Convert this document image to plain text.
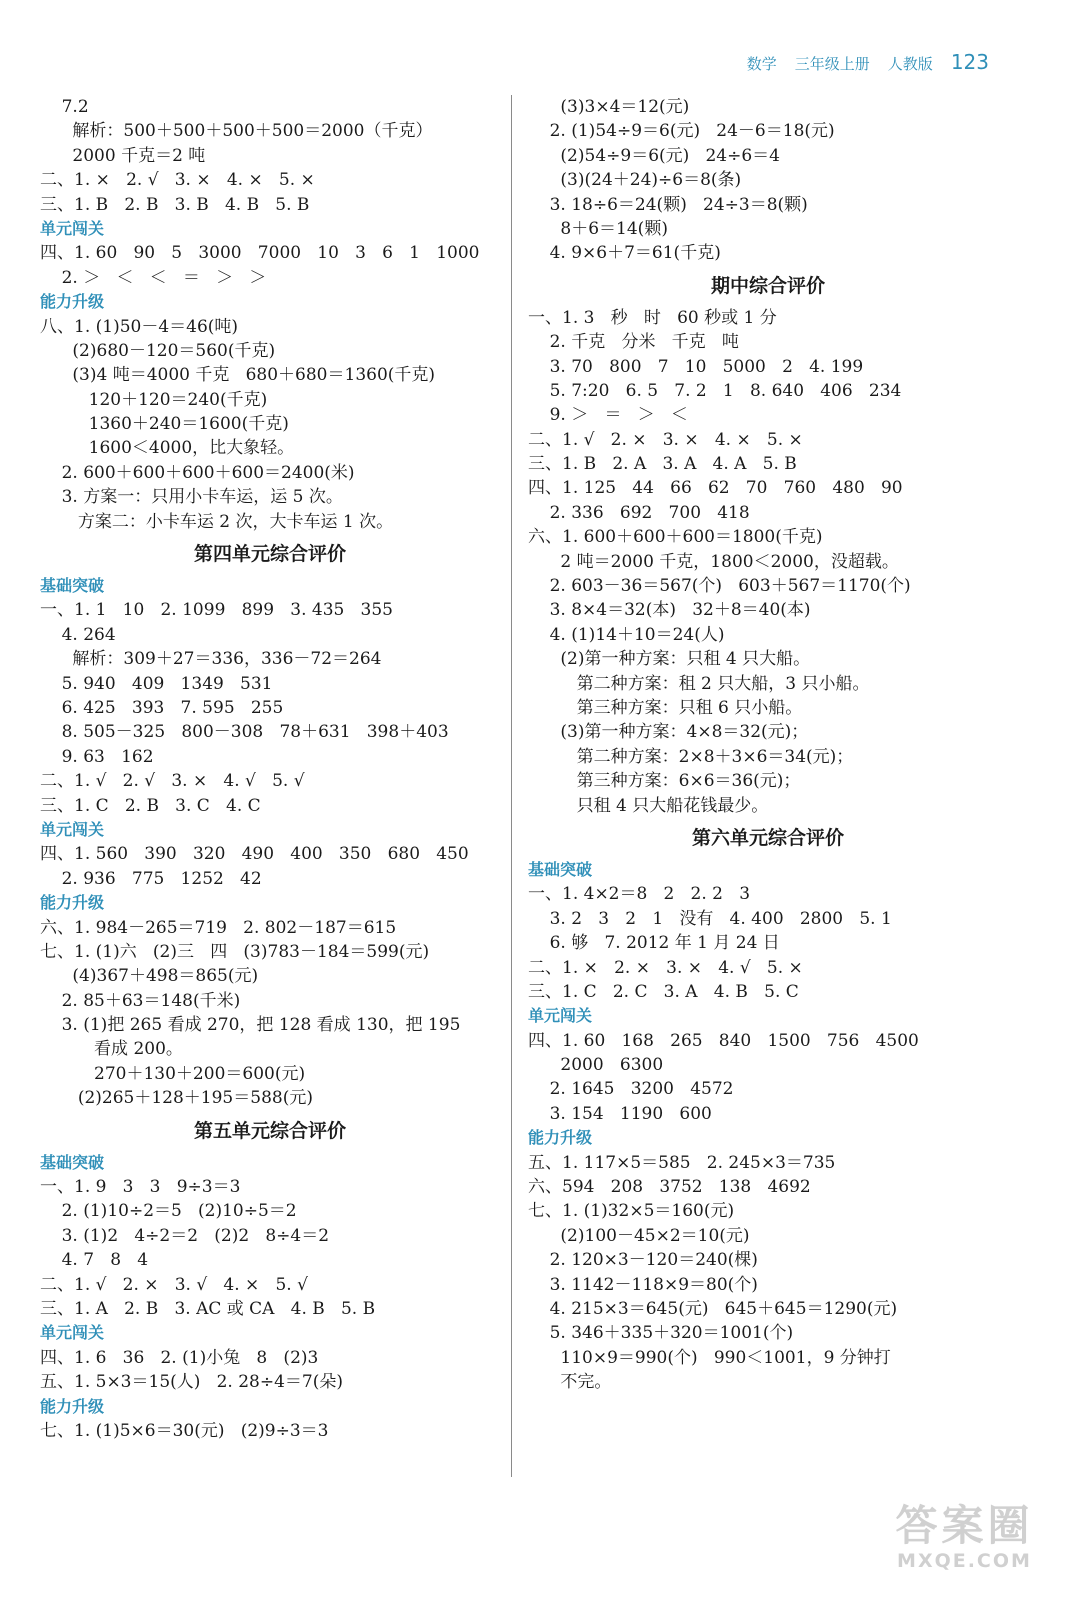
数学 三年级上册 人教版 123
7.2
解析：500＋500＋500＋500＝2000（千克）
2000 千克＝2 吨
二、1. ×   2. √   3. ×   4. ×   5. ×
三、1. B   2. B   3. B   4. B   5. B
单元闯关
四、1. 60   90   5   3000   7000   10   3   6   1   1000
2. ＞   ＜   ＜   ＝   ＞   ＞
能力升级
八、1. (1)50－4＝46(吨)
(2)680－120＝560(千克)
(3)4 吨＝4000 千克   680＋680＝1360(千克)
120＋120＝240(千克)
1360＋240＝1600(千克)
1600＜4000，比大象轻。
2. 600＋600＋600＋600＝2400(米)
3. 方案一：只用小卡车运，运 5 次。
方案二：小卡车运 2 次，大卡车运 1 次。
第四单元综合评价
基础突破
一、1. 1   10   2. 1099   899   3. 435   355
4. 264
解析：309＋27＝336，336－72＝264
5. 940   409   1349   531
6. 425   393   7. 595   255
8. 505－325   800－308   78＋631   398＋403
9. 63   162
二、1. √   2. √   3. ×   4. √   5. √
三、1. C   2. B   3. C   4. C
单元闯关
四、1. 560   390   320   490   400   350   680   450
2. 936   775   1252   42
能力升级
六、1. 984－265＝719   2. 802－187＝615
七、1. (1)六   (2)三   四   (3)783－184＝599(元)
(4)367＋498＝865(元)
2. 85＋63＝148(千米)
3. (1)把 265 看成 270，把 128 看成 130，把 195
看成 200。
270＋130＋200＝600(元)
(2)265＋128＋195＝588(元)
第五单元综合评价
基础突破
一、1. 9   3   3   9÷3＝3
2. (1)10÷2＝5   (2)10÷5＝2
3. (1)2   4÷2＝2   (2)2   8÷4＝2
4. 7   8   4
二、1. √   2. ×   3. √   4. ×   5. √
三、1. A   2. B   3. AC 或 CA   4. B   5. B
单元闯关
四、1. 6   36   2. (1)小兔   8   (2)3
五、1. 5×3＝15(人)   2. 28÷4＝7(朵)
能力升级
七、1. (1)5×6＝30(元)   (2)9÷3＝3
(3)3×4＝12(元)
2. (1)54÷9＝6(元)   24－6＝18(元)
(2)54÷9＝6(元)   24÷6＝4
(3)(24＋24)÷6＝8(条)
3. 18÷6＝24(颗)   24÷3＝8(颗)
8＋6＝14(颗)
4. 9×6＋7＝61(千克)
期中综合评价
一、1. 3   秒   时   60 秒或 1 分
2. 千克   分米   千克   吨
3. 70   800   7   10   5000   2   4. 199
5. 7:20   6. 5   7. 2   1   8. 640   406   234
9. ＞   ＝   ＞   ＜
二、1. √   2. ×   3. ×   4. ×   5. ×
三、1. B   2. A   3. A   4. A   5. B
四、1. 125   44   66   62   70   760   480   90
2. 336   692   700   418
六、1. 600＋600＋600＝1800(千克)
2 吨＝2000 千克，1800＜2000，没超载。
2. 603－36＝567(个)   603＋567＝1170(个)
3. 8×4＝32(本)   32＋8＝40(本)
4. (1)14＋10＝24(人)
(2)第一种方案：只租 4 只大船。
第二种方案：租 2 只大船，3 只小船。
第三种方案：只租 6 只小船。
(3)第一种方案：4×8＝32(元)；
第二种方案：2×8＋3×6＝34(元)；
第三种方案：6×6＝36(元)；
只租 4 只大船花钱最少。
第六单元综合评价
基础突破
一、1. 4×2＝8   2   2. 2   3
3. 2   3   2   1   没有   4. 400   2800   5. 1
6. 够   7. 2012 年 1 月 24 日
二、1. ×   2. ×   3. ×   4. √   5. ×
三、1. C   2. C   3. A   4. B   5. C
单元闯关
四、1. 60   168   265   840   1500   756   4500
2000   6300
2. 1645   3200   4572
3. 154   1190   600
能力升级
五、1. 117×5＝585   2. 245×3＝735
六、594   208   3752   138   4692
七、1. (1)32×5＝160(元)
(2)100－45×2＝10(元)
2. 120×3－120＝240(棵)
3. 1142－118×9＝80(个)
4. 215×3＝645(元)   645＋645＝1290(元)
5. 346＋335＋320＝1001(个)
110×9＝990(个)   990＜1001，9 分钟打
不完。
答案圈
MXQE.COM
